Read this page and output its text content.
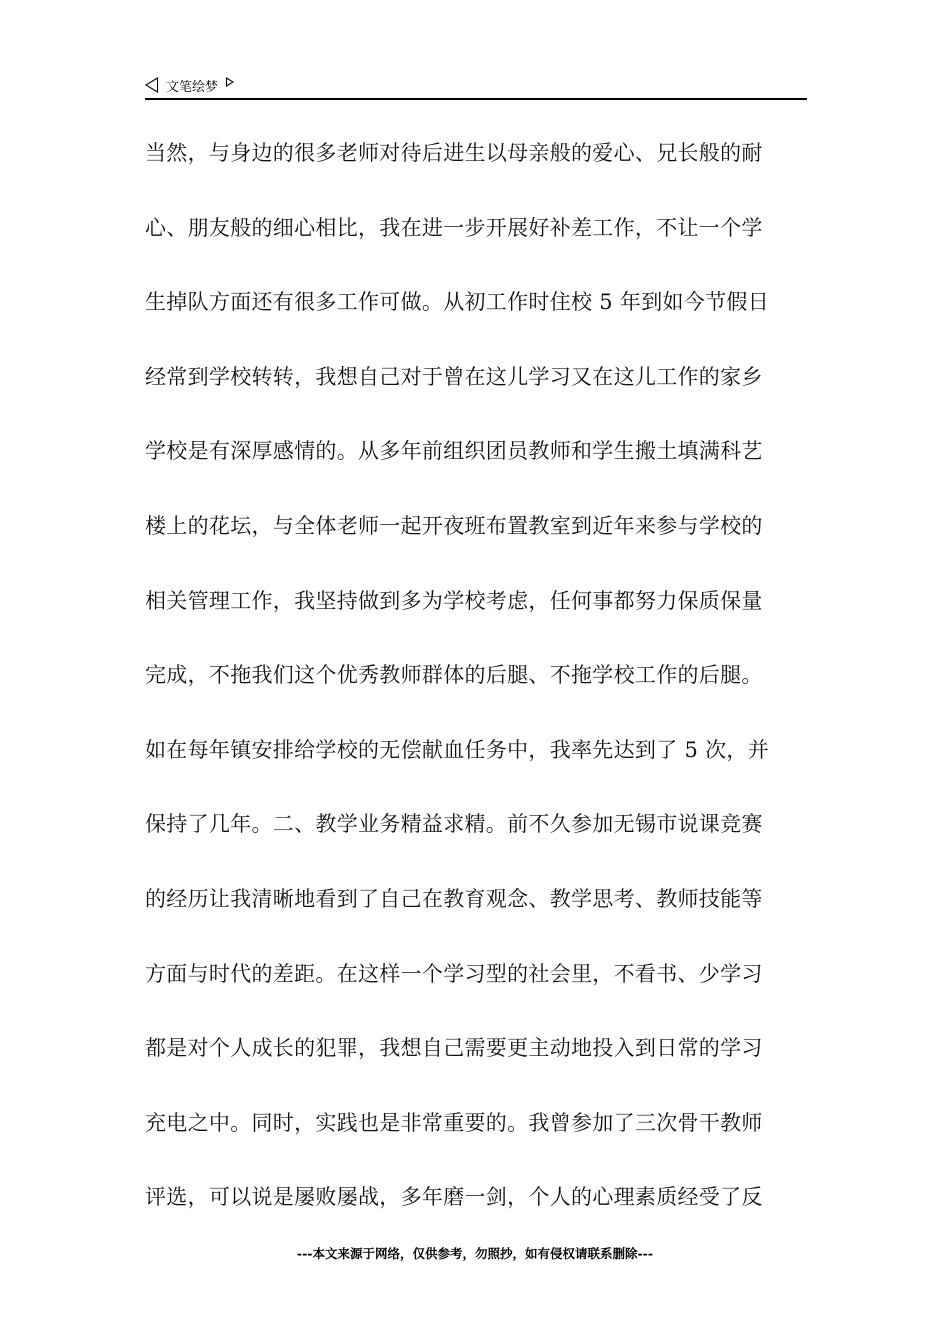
文笔绘梦
当然，与身边的很多老师对待后进生以母亲般的爱心、兄长般的耐
心、朋友般的细心相比，我在进一步开展好补差工作，不让一个学
生掉队方面还有很多工作可做。从初工作时住校 5 年到如今节假日
经常到学校转转，我想自己对于曾在这儿学习又在这儿工作的家乡
学校是有深厚感情的。从多年前组织团员教师和学生搬土填满科艺
楼上的花坛，与全体老师一起开夜班布置教室到近年来参与学校的
相关管理工作，我坚持做到多为学校考虑，任何事都努力保质保量
完成，不拖我们这个优秀教师群体的后腿、不拖学校工作的后腿。
如在每年镇安排给学校的无偿献血任务中，我率先达到了 5 次，并
保持了几年。二、教学业务精益求精。前不久参加无锡市说课竞赛
的经历让我清晰地看到了自己在教育观念、教学思考、教师技能等
方面与时代的差距。在这样一个学习型的社会里，不看书、少学习
都是对个人成长的犯罪，我想自己需要更主动地投入到日常的学习
充电之中。同时，实践也是非常重要的。我曾参加了三次骨干教师
评选，可以说是屡败屡战，多年磨一剑，个人的心理素质经受了反
---本文来源于网络，仅供参考，勿照抄，如有侵权请联系删除---
